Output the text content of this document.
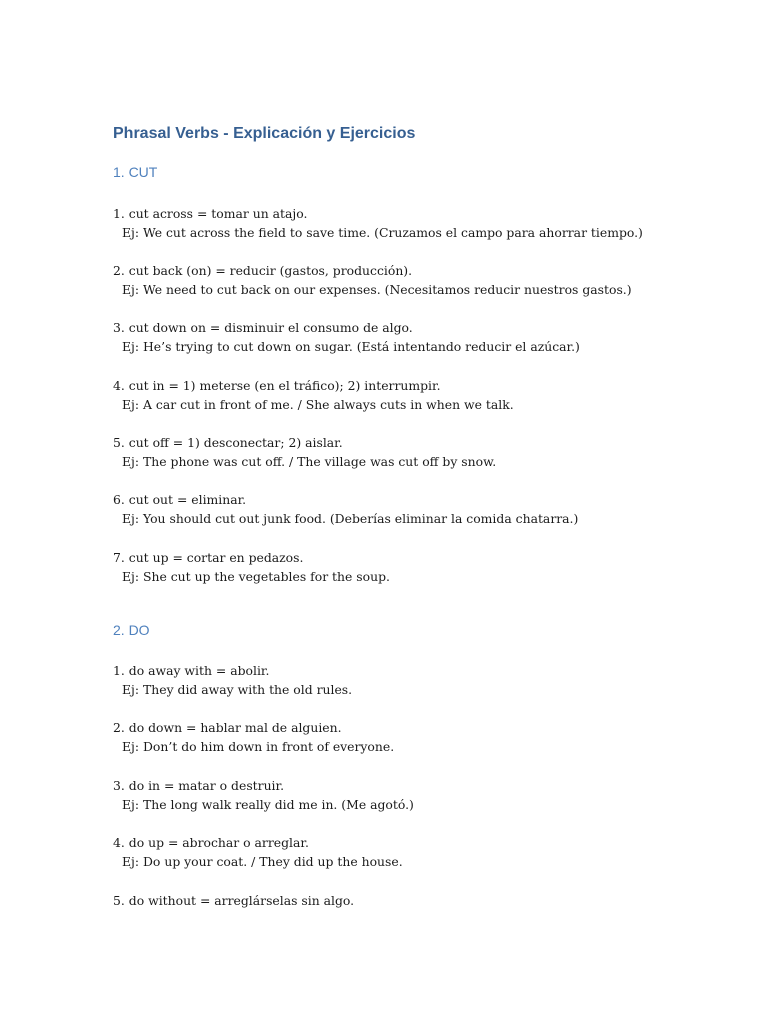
Phrasal Verbs - Explicación y Ejercicios
1. CUT
1. cut across = tomar un atajo.
Ej: We cut across the field to save time. (Cruzamos el campo para ahorrar tiempo.)
2. cut back (on) = reducir (gastos, producción).
Ej: We need to cut back on our expenses. (Necesitamos reducir nuestros gastos.)
3. cut down on = disminuir el consumo de algo.
Ej: He’s trying to cut down on sugar. (Está intentando reducir el azúcar.)
4. cut in = 1) meterse (en el tráfico); 2) interrumpir.
Ej: A car cut in front of me. / She always cuts in when we talk.
5. cut off = 1) desconectar; 2) aislar.
Ej: The phone was cut off. / The village was cut off by snow.
6. cut out = eliminar.
Ej: You should cut out junk food. (Deberías eliminar la comida chatarra.)
7. cut up = cortar en pedazos.
Ej: She cut up the vegetables for the soup.
2. DO
1. do away with = abolir.
Ej: They did away with the old rules.
2. do down = hablar mal de alguien.
Ej: Don’t do him down in front of everyone.
3. do in = matar o destruir.
Ej: The long walk really did me in. (Me agotó.)
4. do up = abrochar o arreglar.
Ej: Do up your coat. / They did up the house.
5. do without = arreglárselas sin algo.
